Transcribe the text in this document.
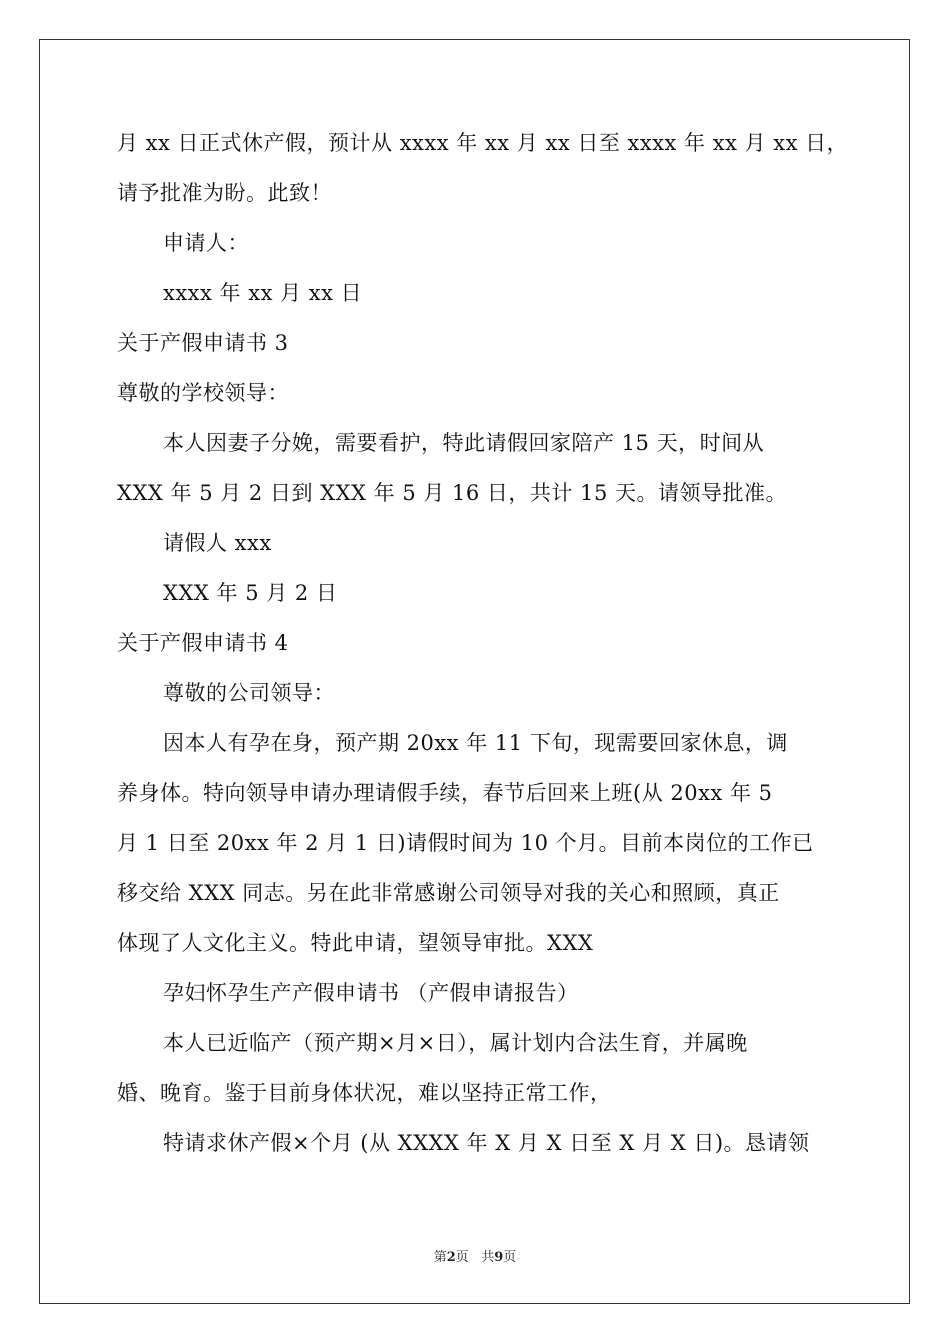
月 xx 日正式休产假，预计从 xxxx 年 xx 月 xx 日至 xxxx 年 xx 月 xx 日，
请予批准为盼。此致！
申请人：
xxxx 年 xx 月 xx 日
关于产假申请书 3
尊敬的学校领导：
本人因妻子分娩，需要看护，特此请假回家陪产 15 天，时间从
XXX 年 5 月 2 日到 XXX 年 5 月 16 日，共计 15 天。请领导批准。
请假人 xxx
XXX 年 5 月 2 日
关于产假申请书 4
尊敬的公司领导：
因本人有孕在身，预产期 20xx 年 11 下旬，现需要回家休息，调
养身体。特向领导申请办理请假手续，春节后回来上班(从 20xx 年 5
月 1 日至 20xx 年 2 月 1 日)请假时间为 10 个月。目前本岗位的工作已
移交给 XXX 同志。另在此非常感谢公司领导对我的关心和照顾，真正
体现了人文化主义。特此申请，望领导审批。XXX
孕妇怀孕生产产假申请书 （产假申请报告）
本人已近临产（预产期×月×日），属计划内合法生育，并属晚
婚、晚育。鉴于目前身体状况，难以坚持正常工作，
特请求休产假×个月 (从 XXXX 年 X 月 X 日至 X 月 X 日)。恳请领
第2页 共9页
